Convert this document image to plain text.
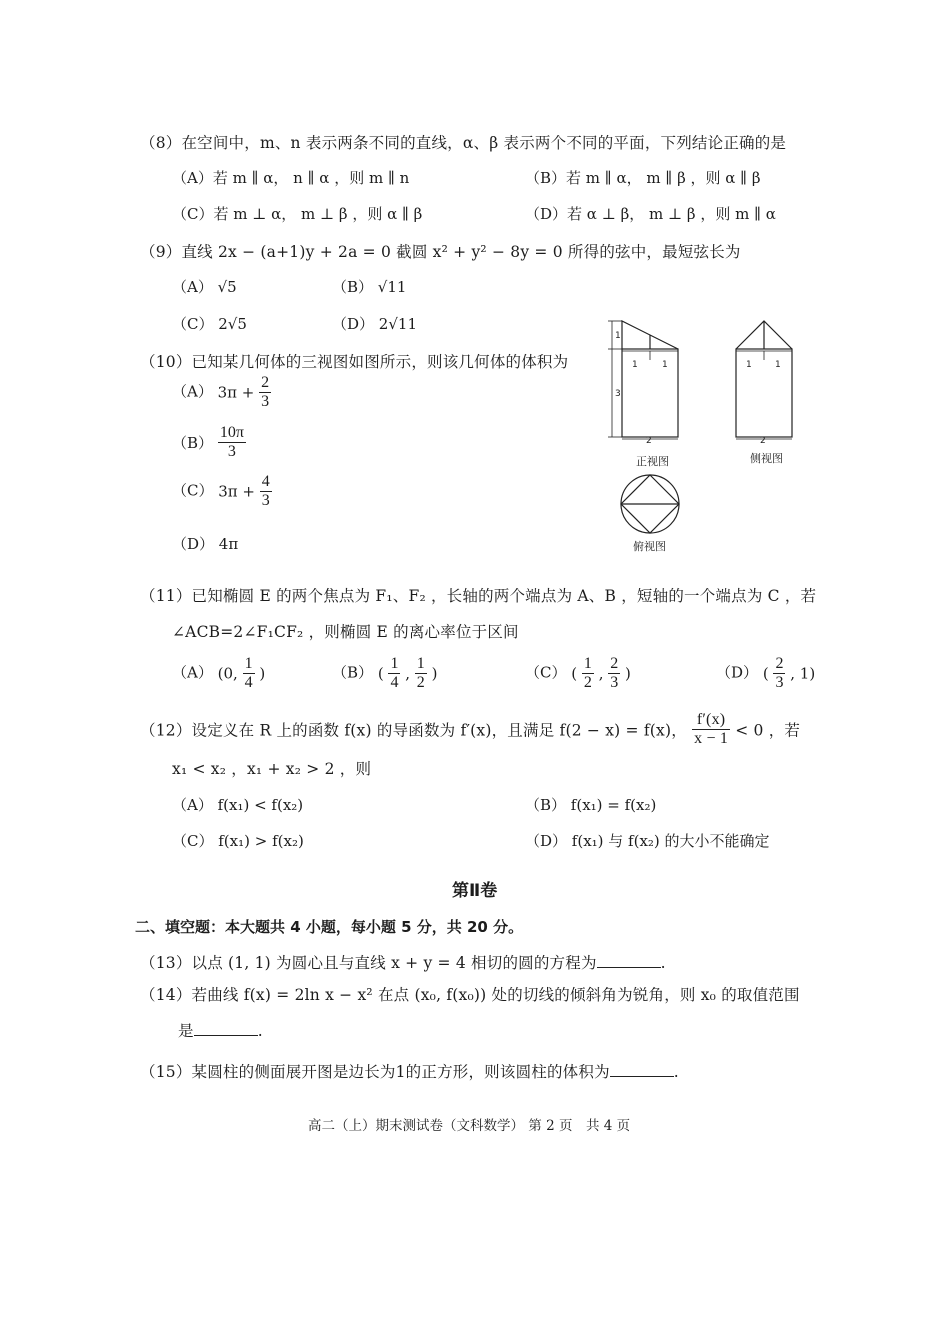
（8）在空间中，m、n 表示两条不同的直线，α、β 表示两个不同的平面，下列结论正确的是
（A）若 m ∥ α， n ∥ α ，则 m ∥ n	（B）若 m ∥ α， m ∥ β ，则 α ∥ β
（C）若 m ⊥ α， m ⊥ β ，则 α ∥ β	（D）若 α ⊥ β， m ⊥ β ，则 m ∥ α
（9）直线 2x − (a+1)y + 2a = 0 截圆 x² + y² − 8y = 0 所得的弦中，最短弦长为
（A） √5	（B） √11
（C） 2√5	（D） 2√11
（10）已知某几何体的三视图如图所示，则该几何体的体积为
（A） $3\pi + \frac{2}{3}$
$(B) \frac{10\pi}{3}$
（C） $3\pi + \frac{4}{3}$
（D） 4π
1
3
1	1
2
正视图
1	1
2
侧视图
俯视图
（11）已知椭圆 E 的两个焦点为 F₁、F₂ ，长轴的两个端点为 A、B ，短轴的一个端点为 C ，若
∠ACB=2∠F₁CF₂ ，则椭圆 E 的离心率位于区间
（A） (0, $\frac{1}{4}$ )	（B） ( $\frac{1}{4}$ , $\frac{1}{2}$ )	（C） ( $\frac{1}{2}$ , $\frac{2}{3}$ )	（D） ( $\frac{2}{3}$ , 1)
（12）设定义在 R 上的函数 f(x) 的导函数为 f′(x)，且满足 f(2 − x) = f(x)， $\frac{f'(x)}{x - 1} < 0$ ，若
x₁ < x₂ ，x₁ + x₂ > 2 ，则
（A） f(x₁) < f(x₂)	（B） f(x₁) = f(x₂)
（C） f(x₁) > f(x₂)	（D） f(x₁) 与 f(x₂) 的大小不能确定
第Ⅱ卷
二、填空题：本大题共 4 小题，每小题 5 分，共 20 分。
（13）以点 (1, 1) 为圆心且与直线 x + y = 4 相切的圆的方程为	.
（14）若曲线 f(x) = 2ln x − x² 在点 (x₀, f(x₀)) 处的切线的倾斜角为锐角，则 x₀ 的取值范围
是	.
（15）某圆柱的侧面展开图是边长为1的正方形，则该圆柱的体积为	.
高二（上）期末测试卷（文科数学） 第 2 页　共 4 页
